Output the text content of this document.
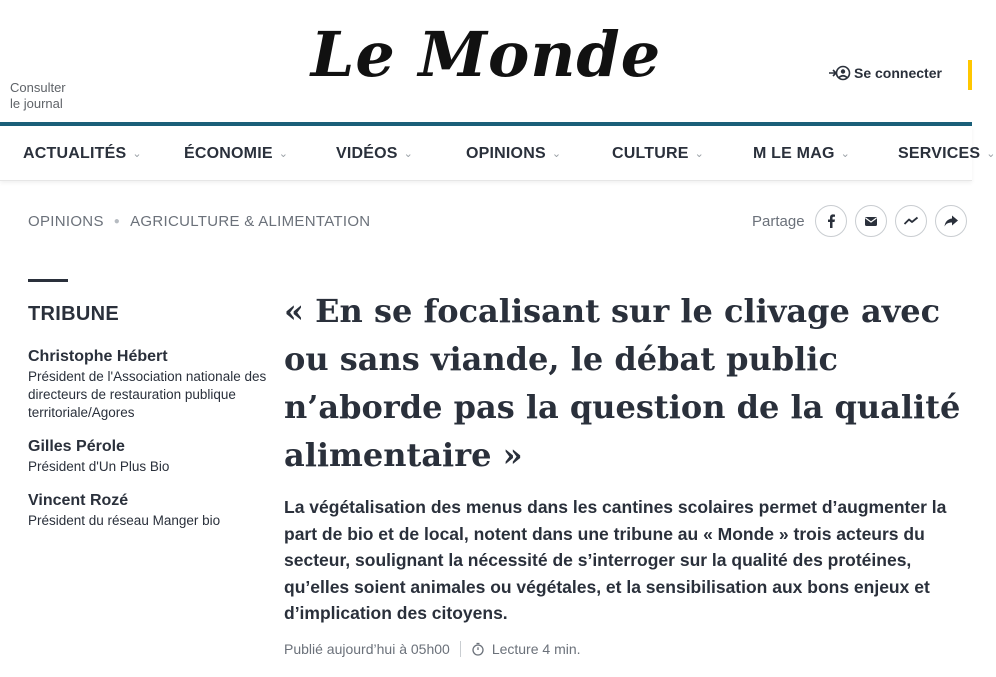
Consulter
le journal
Le Monde	Se connecter
ACTUALITÉS ⌄	ÉCONOMIE ⌄	VIDÉOS ⌄	OPINIONS ⌄	CULTURE ⌄	M LE MAG ⌄	SERVICES ⌄
OPINIONS ● AGRICULTURE & ALIMENTATION	Partage
TRIBUNE
Christophe Hébert
Président de l'Association nationale des directeurs de restauration publique territoriale/Agores
Gilles Pérole
Président d'Un Plus Bio
Vincent Rozé
Président du réseau Manger bio
« En se focalisant sur le clivage avec ou sans viande, le débat public n’aborde pas la question de la qualité alimentaire »

La végétalisation des menus dans les cantines scolaires permet d’augmenter la part de bio et de local, notent dans une tribune au « Monde » trois acteurs du secteur, soulignant la nécessité de s’interroger sur la qualité des protéines, qu’elles soient animales ou végétales, et la sensibilisation aux bons enjeux et d’implication des citoyens.

Publié aujourd’hui à 05h00	Lecture 4 min.
